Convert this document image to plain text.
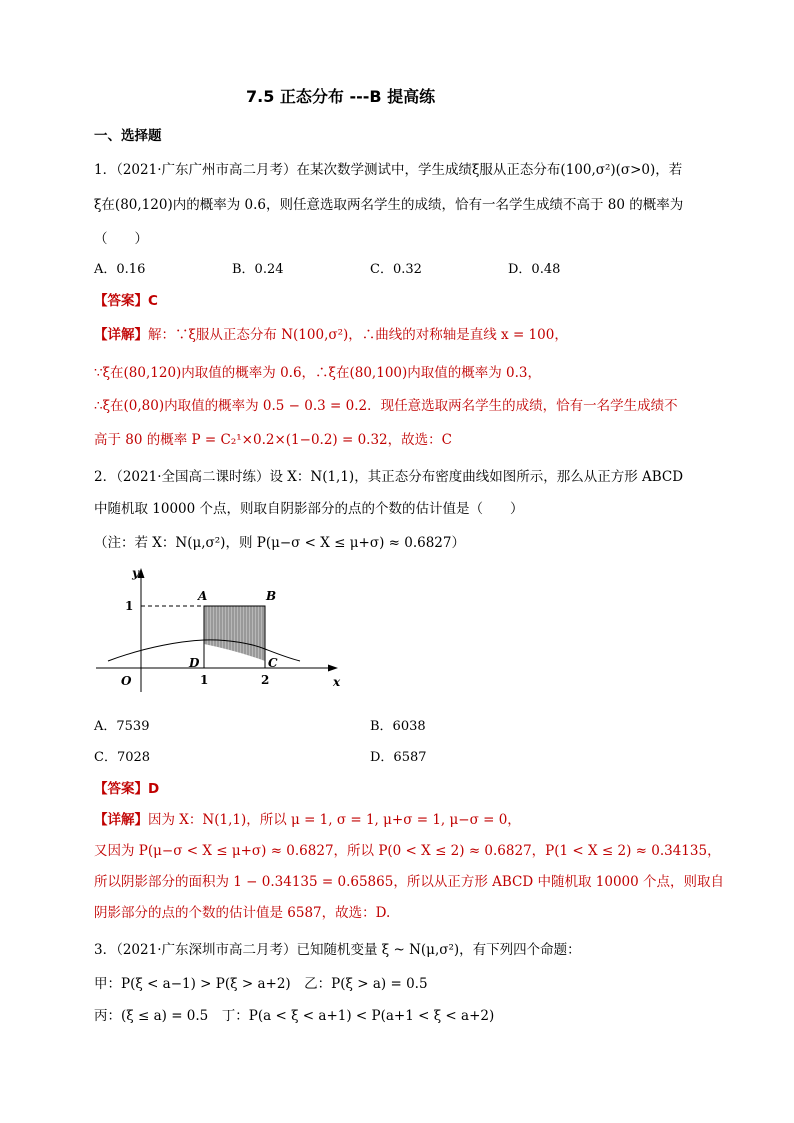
7.5 正态分布 ---B 提高练
一、选择题
1．（2021·广东广州市高二月考）在某次数学测试中，学生成绩ξ服从正态分布(100,σ²)(σ>0)，若
ξ在(80,120)内的概率为 0.6，则任意选取两名学生的成绩，恰有一名学生成绩不高于 80 的概率为
（　　）
A．0.16	B．0.24	C．0.32	D．0.48
【答案】C
【详解】解：∵ξ服从正态分布 N(100,σ²)，∴曲线的对称轴是直线 x = 100，
∵ξ在(80,120)内取值的概率为 0.6，∴ξ在(80,100)内取值的概率为 0.3，
∴ξ在(0,80)内取值的概率为 0.5 − 0.3 = 0.2．现任意选取两名学生的成绩，恰有一名学生成绩不
高于 80 的概率 P = C₂¹×0.2×(1−0.2) = 0.32，故选：C
2．（2021·全国高二课时练）设 X：N(1,1)，其正态分布密度曲线如图所示，那么从正方形 ABCD
中随机取 10000 个点，则取自阴影部分的点的个数的估计值是（　　）
（注：若 X：N(μ,σ²)，则 P(μ−σ < X ≤ μ+σ) ≈ 0.6827）
y
x
O
1
A	B
D	C
1	2
A．7539	B．6038
C．7028	D．6587
【答案】D
【详解】因为 X：N(1,1)，所以 μ = 1, σ = 1, μ+σ = 1, μ−σ = 0，
又因为 P(μ−σ < X ≤ μ+σ) ≈ 0.6827，所以 P(0 < X ≤ 2) ≈ 0.6827，P(1 < X ≤ 2) ≈ 0.34135，
所以阴影部分的面积为 1 − 0.34135 = 0.65865，所以从正方形 ABCD 中随机取 10000 个点，则取自
阴影部分的点的个数的估计值是 6587，故选：D.
3．（2021·广东深圳市高二月考）已知随机变量 ξ ~ N(μ,σ²)，有下列四个命题：
甲：P(ξ < a−1) > P(ξ > a+2)　乙：P(ξ > a) = 0.5
丙：(ξ ≤ a) = 0.5　丁：P(a < ξ < a+1) < P(a+1 < ξ < a+2)
